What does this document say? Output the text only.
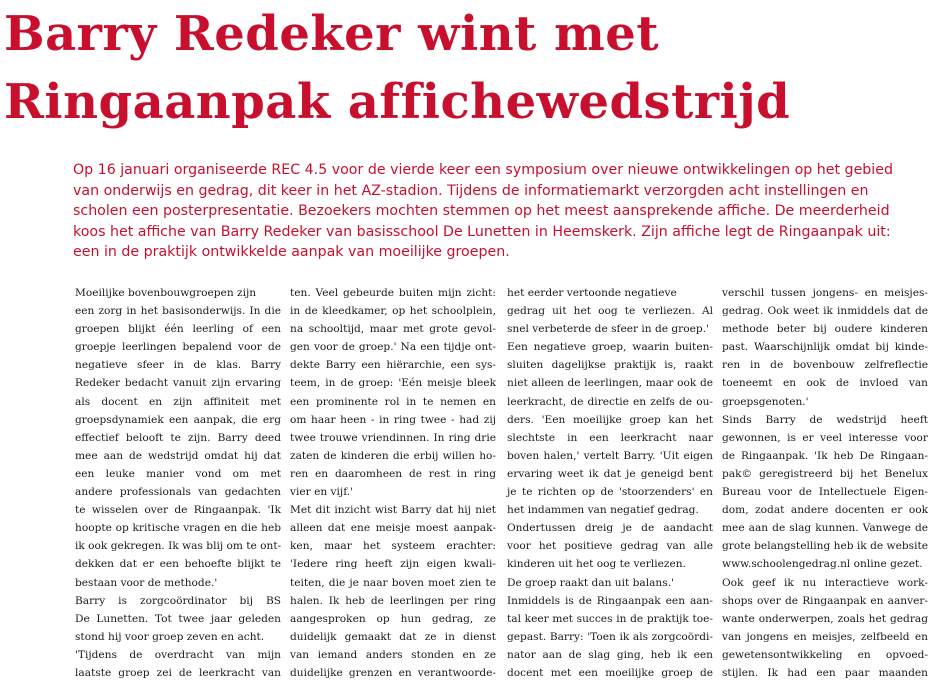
Barry Redeker wint met
Ringaanpak affichewedstrijd

Op 16 januari organiseerde REC 4.5 voor de vierde keer een symposium over nieuwe ontwikkelingen op het gebied
van onderwijs en gedrag, dit keer in het AZ-stadion. Tijdens de informatiemarkt verzorgden acht instellingen en
scholen een posterpresentatie. Bezoekers mochten stemmen op het meest aansprekende affiche. De meerderheid
koos het affiche van Barry Redeker van basisschool De Lunetten in Heemskerk. Zijn affiche legt de Ringaanpak uit:
een in de praktijk ontwikkelde aanpak van moeilijke groepen.

Moeilijke bovenbouwgroepen zijn
een zorg in het basisonderwijs. In die
groepen blijkt één leerling of een
groepje leerlingen bepalend voor de
negatieve sfeer in de klas. Barry
Redeker bedacht vanuit zijn ervaring
als docent en zijn affiniteit met
groepsdynamiek een aanpak, die erg
effectief belooft te zijn. Barry deed
mee aan de wedstrijd omdat hij dat
een leuke manier vond om met
andere professionals van gedachten
te wisselen over de Ringaanpak. 'Ik
hoopte op kritische vragen en die heb
ik ook gekregen. Ik was blij om te ont-
dekken dat er een behoefte blijkt te
bestaan voor de methode.'
Barry is zorgcoördinator bij BS
De Lunetten. Tot twee jaar geleden
stond hij voor groep zeven en acht.
'Tijdens de overdracht van mijn
laatste groep zei de leerkracht van
ten. Veel gebeurde buiten mijn zicht:
in de kleedkamer, op het schoolplein,
na schooltijd, maar met grote gevol-
gen voor de groep.' Na een tijdje ont-
dekte Barry een hiërarchie, een sys-
teem, in de groep: 'Eén meisje bleek
een prominente rol in te nemen en
om haar heen - in ring twee - had zij
twee trouwe vriendinnen. In ring drie
zaten de kinderen die erbij willen ho-
ren en daaromheen de rest in ring
vier en vijf.'
Met dit inzicht wist Barry dat hij niet
alleen dat ene meisje moest aanpak-
ken, maar het systeem erachter:
'Iedere ring heeft zijn eigen kwali-
teiten, die je naar boven moet zien te
halen. Ik heb de leerlingen per ring
aangesproken op hun gedrag, ze
duidelijk gemaakt dat ze in dienst
van iemand anders stonden en ze
duidelijke grenzen en verantwoorde-
het eerder vertoonde negatieve
gedrag uit het oog te verliezen. Al
snel verbeterde de sfeer in de groep.'
Een negatieve groep, waarin buiten-
sluiten dagelijkse praktijk is, raakt
niet alleen de leerlingen, maar ook de
leerkracht, de directie en zelfs de ou-
ders. 'Een moeilijke groep kan het
slechtste in een leerkracht naar
boven halen,' vertelt Barry. 'Uit eigen
ervaring weet ik dat je geneigd bent
je te richten op de 'stoorzenders' en
het indammen van negatief gedrag.
Ondertussen dreig je de aandacht
voor het positieve gedrag van alle
kinderen uit het oog te verliezen.
De groep raakt dan uit balans.'
Inmiddels is de Ringaanpak een aan-
tal keer met succes in de praktijk toe-
gepast. Barry: 'Toen ik als zorgcoördi-
nator aan de slag ging, heb ik een
docent met een moeilijke groep de
verschil tussen jongens- en meisjes-
gedrag. Ook weet ik inmiddels dat de
methode beter bij oudere kinderen
past. Waarschijnlijk omdat bij kinde-
ren in de bovenbouw zelfreflectie
toeneemt en ook de invloed van
groepsgenoten.'
Sinds Barry de wedstrijd heeft
gewonnen, is er veel interesse voor
de Ringaanpak. 'Ik heb De Ringaan-
pak© geregistreerd bij het Benelux
Bureau voor de Intellectuele Eigen-
dom, zodat andere docenten er ook
mee aan de slag kunnen. Vanwege de
grote belangstelling heb ik de website
www.schoolengedrag.nl online gezet.
Ook geef ik nu interactieve work-
shops over de Ringaanpak en aanver-
wante onderwerpen, zoals het gedrag
van jongens en meisjes, zelfbeeld en
gewetensontwikkeling en opvoed-
stijlen. Ik had een paar maanden
